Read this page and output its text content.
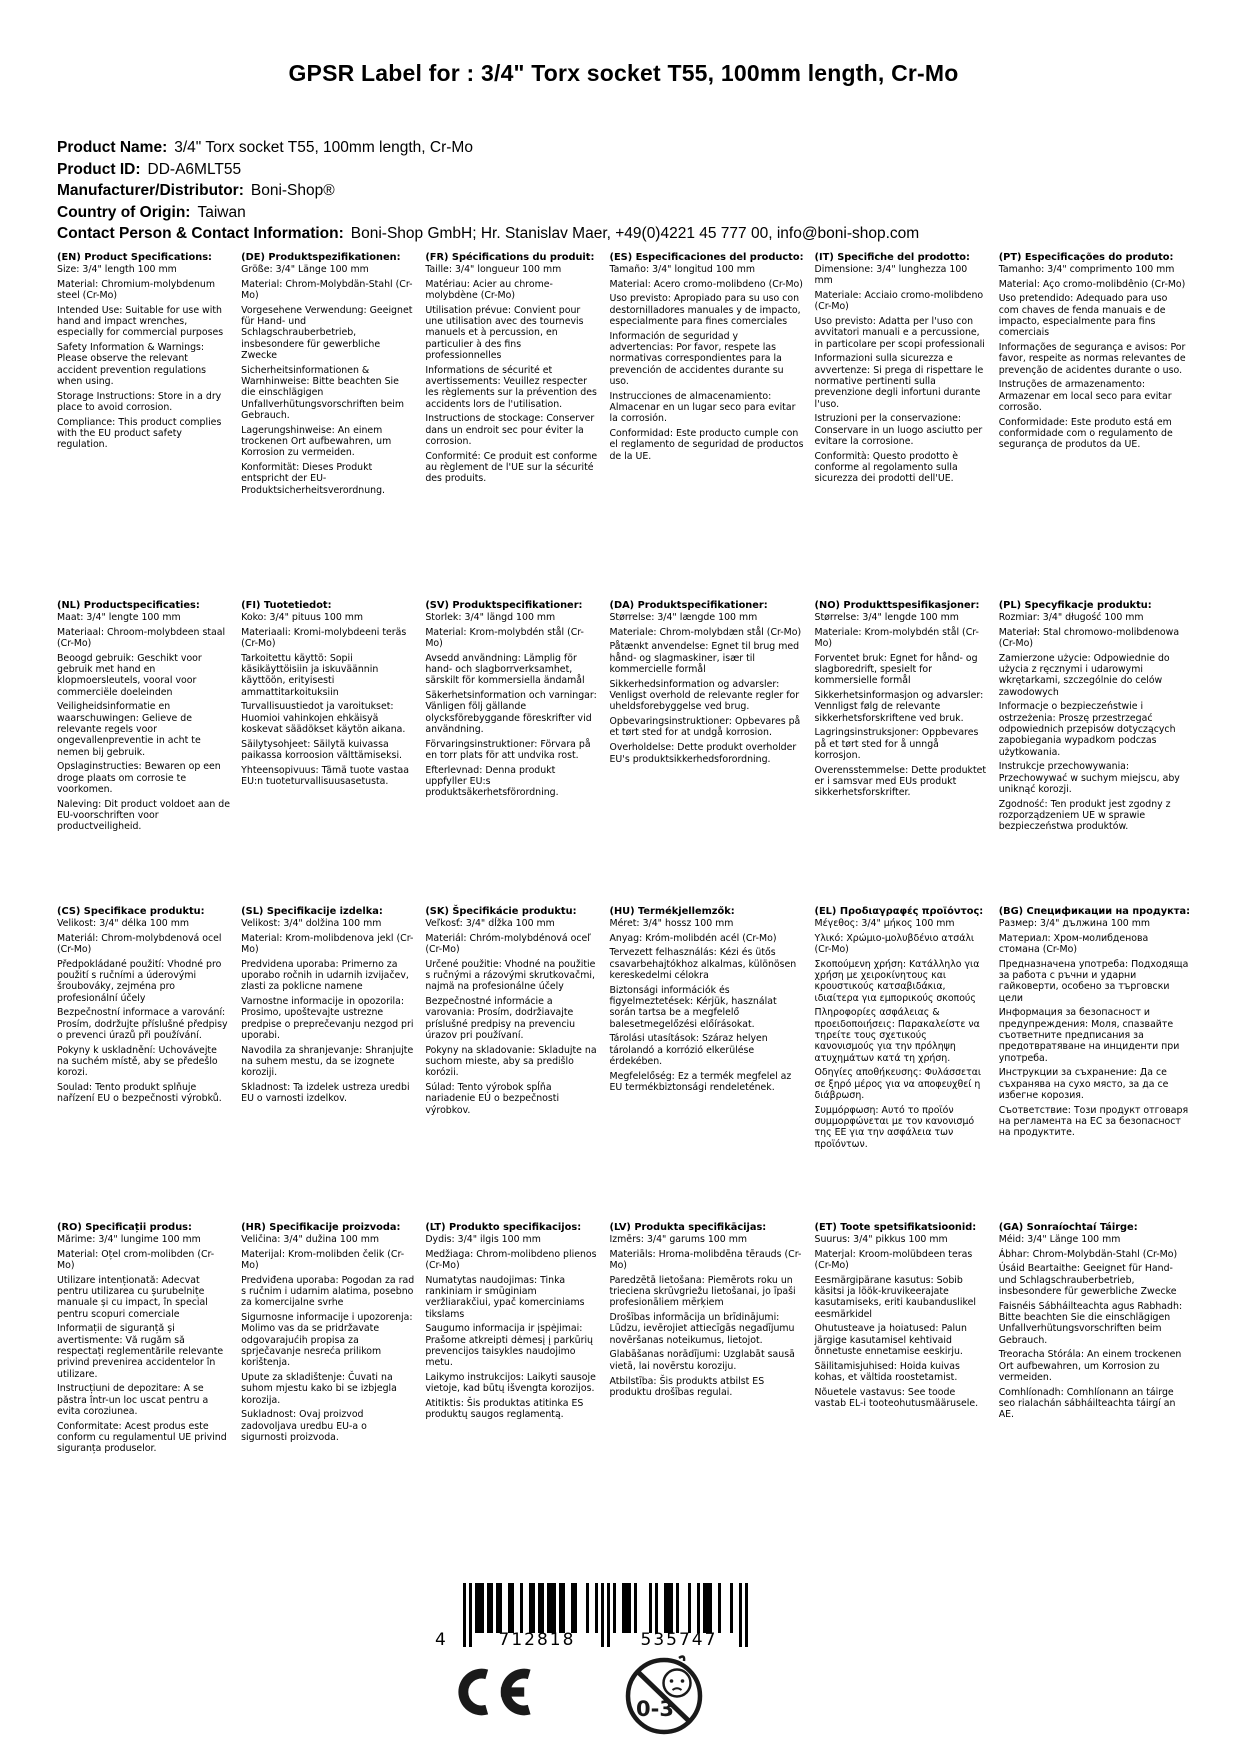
GPSR Label for : 3/4" Torx socket T55, 100mm length, Cr-Mo
Product Name: 3/4" Torx socket T55, 100mm length, Cr-Mo
Product ID: DD-A6MLT55
Manufacturer/Distributor: Boni-Shop®
Country of Origin: Taiwan
Contact Person & Contact Information: Boni-Shop GmbH; Hr. Stanislav Maer, +49(0)4221 45 777 00, info@boni-shop.com
(EN) Product Specifications:

Size: 3/4" length 100 mm

Material: Chromium-molybdenum steel (Cr-Mo)

Intended Use: Suitable for use with hand and impact wrenches, especially for commercial purposes

Safety Information & Warnings: Please observe the relevant accident prevention regulations when using.

Storage Instructions: Store in a dry place to avoid corrosion.

Compliance: This product complies with the EU product safety regulation.

(DE) Produktspezifikationen:

Größe: 3/4" Länge 100 mm

Material: Chrom-Molybdän-Stahl (Cr-Mo)

Vorgesehene Verwendung: Geeignet für Hand- und Schlagschrauberbetrieb, insbesondere für gewerbliche Zwecke

Sicherheitsinformationen & Warnhinweise: Bitte beachten Sie die einschlägigen Unfallverhütungsvorschriften beim Gebrauch.

Lagerungshinweise: An einem trockenen Ort aufbewahren, um Korrosion zu vermeiden.

Konformität: Dieses Produkt entspricht der EU-Produktsicherheitsverordnung.

(FR) Spécifications du produit:

Taille: 3/4" longueur 100 mm

Matériau: Acier au chrome-molybdène (Cr-Mo)

Utilisation prévue: Convient pour une utilisation avec des tournevis manuels et à percussion, en particulier à des fins professionnelles

Informations de sécurité et avertissements: Veuillez respecter les règlements sur la prévention des accidents lors de l'utilisation.

Instructions de stockage: Conserver dans un endroit sec pour éviter la corrosion.

Conformité: Ce produit est conforme au règlement de l'UE sur la sécurité des produits.

(ES) Especificaciones del producto:

Tamaño: 3/4" longitud 100 mm

Material: Acero cromo-molibdeno (Cr-Mo)

Uso previsto: Apropiado para su uso con destornilladores manuales y de impacto, especialmente para fines comerciales

Información de seguridad y advertencias: Por favor, respete las normativas correspondientes para la prevención de accidentes durante su uso.

Instrucciones de almacenamiento: Almacenar en un lugar seco para evitar la corrosión.

Conformidad: Este producto cumple con el reglamento de seguridad de productos de la UE.

(IT) Specifiche del prodotto:

Dimensione: 3/4" lunghezza 100 mm

Materiale: Acciaio cromo-molibdeno (Cr-Mo)

Uso previsto: Adatta per l'uso con avvitatori manuali e a percussione, in particolare per scopi professionali

Informazioni sulla sicurezza e avvertenze: Si prega di rispettare le normative pertinenti sulla prevenzione degli infortuni durante l'uso.

Istruzioni per la conservazione: Conservare in un luogo asciutto per evitare la corrosione.

Conformità: Questo prodotto è conforme al regolamento sulla sicurezza dei prodotti dell'UE.

(PT) Especificações do produto:

Tamanho: 3/4" comprimento 100 mm

Material: Aço cromo-molibdênio (Cr-Mo)

Uso pretendido: Adequado para uso com chaves de fenda manuais e de impacto, especialmente para fins comerciais

Informações de segurança e avisos: Por favor, respeite as normas relevantes de prevenção de acidentes durante o uso.

Instruções de armazenamento: Armazenar em local seco para evitar corrosão.

Conformidade: Este produto está em conformidade com o regulamento de segurança de produtos da UE.

(NL) Productspecificaties:

Maat: 3/4" lengte 100 mm

Materiaal: Chroom-molybdeen staal (Cr-Mo)

Beoogd gebruik: Geschikt voor gebruik met hand en klopmoersleutels, vooral voor commerciële doeleinden

Veiligheidsinformatie en waarschuwingen: Gelieve de relevante regels voor ongevallenpreventie in acht te nemen bij gebruik.

Opslaginstructies: Bewaren op een droge plaats om corrosie te voorkomen.

Naleving: Dit product voldoet aan de EU-voorschriften voor productveiligheid.

(FI) Tuotetiedot:

Koko: 3/4" pituus 100 mm

Materiaali: Kromi-molybdeeni teräs (Cr-Mo)

Tarkoitettu käyttö: Sopii käsikäyttöisiin ja iskuväännin käyttöön, erityisesti ammattitarkoituksiin

Turvallisuustiedot ja varoitukset: Huomioi vahinkojen ehkäisyä koskevat säädökset käytön aikana.

Säilytysohjeet: Säilytä kuivassa paikassa korroosion välttämiseksi.

Yhteensopivuus: Tämä tuote vastaa EU:n tuoteturvallisuusasetusta.

(SV) Produktspecifikationer:

Storlek: 3/4" längd 100 mm

Material: Krom-molybdén stål (Cr-Mo)

Avsedd användning: Lämplig för hand- och slagborrverksamhet, särskilt för kommersiella ändamål

Säkerhetsinformation och varningar: Vänligen följ gällande olycksförebyggande föreskrifter vid användning.

Förvaringsinstruktioner: Förvara på en torr plats för att undvika rost.

Efterlevnad: Denna produkt uppfyller EU:s produktsäkerhetsförordning.

(DA) Produktspecifikationer:

Størrelse: 3/4" længde 100 mm

Materiale: Chrom-molybdæn stål (Cr-Mo)

Påtænkt anvendelse: Egnet til brug med hånd- og slagmaskiner, især til kommercielle formål

Sikkerhedsinformation og advarsler: Venligst overhold de relevante regler for uheldsforebyggelse ved brug.

Opbevaringsinstruktioner: Opbevares på et tørt sted for at undgå korrosion.

Overholdelse: Dette produkt overholder EU's produktsikkerhedsforordning.

(NO) Produkttspesifikasjoner:

Størrelse: 3/4" lengde 100 mm

Materiale: Krom-molybdén stål (Cr-Mo)

Forventet bruk: Egnet for hånd- og slagboredrift, spesielt for kommersielle formål

Sikkerhetsinformasjon og advarsler: Vennligst følg de relevante sikkerhetsforskriftene ved bruk.

Lagringsinstruksjoner: Oppbevares på et tørt sted for å unngå korrosjon.

Overensstemmelse: Dette produktet er i samsvar med EUs produkt sikkerhetsforskrifter.

(PL) Specyfikacje produktu:

Rozmiar: 3/4" długość 100 mm

Materiał: Stal chromowo-molibdenowa (Cr-Mo)

Zamierzone użycie: Odpowiednie do użycia z ręcznymi i udarowymi wkrętarkami, szczególnie do celów zawodowych

Informacje o bezpieczeństwie i ostrzeżenia: Proszę przestrzegać odpowiednich przepisów dotyczących zapobiegania wypadkom podczas użytkowania.

Instrukcje przechowywania: Przechowywać w suchym miejscu, aby uniknąć korozji.

Zgodność: Ten produkt jest zgodny z rozporządzeniem UE w sprawie bezpieczeństwa produktów.

(CS) Specifikace produktu:

Velikost: 3/4" délka 100 mm

Materiál: Chrom-molybdenová ocel (Cr-Mo)

Předpokládané použití: Vhodné pro použití s ručními a úderovými šroubováky, zejména pro profesionální účely

Bezpečnostní informace a varování: Prosím, dodržujte příslušné předpisy o prevenci úrazů při používání.

Pokyny k uskladnění: Uchovávejte na suchém místě, aby se předešlo korozi.

Soulad: Tento produkt splňuje nařízení EU o bezpečnosti výrobků.

(SL) Specifikacije izdelka:

Velikost: 3/4" dolžina 100 mm

Material: Krom-molibdenova jekl (Cr-Mo)

Predvidena uporaba: Primerno za uporabo ročnih in udarnih izvijačev, zlasti za poklicne namene

Varnostne informacije in opozorila: Prosimo, upoštevajte ustrezne predpise o preprečevanju nezgod pri uporabi.

Navodila za shranjevanje: Shranjujte na suhem mestu, da se izognete koroziji.

Skladnost: Ta izdelek ustreza uredbi EU o varnosti izdelkov.

(SK) Špecifikácie produktu:

Veľkosť: 3/4" dĺžka 100 mm

Materiál: Chróm-molybdénová oceľ (Cr-Mo)

Určené použitie: Vhodné na použitie s ručnými a rázovými skrutkovačmi, najmä na profesionálne účely

Bezpečnostné informácie a varovania: Prosím, dodržiavajte príslušné predpisy na prevenciu úrazov pri používaní.

Pokyny na skladovanie: Skladujte na suchom mieste, aby sa predišlo korózii.

Súlad: Tento výrobok spĺňa nariadenie EÚ o bezpečnosti výrobkov.

(HU) Termékjellemzők:

Méret: 3/4" hossz 100 mm

Anyag: Króm-molibdén acél (Cr-Mo)

Tervezett felhasználás: Kézi és ütős csavarbehajtókhoz alkalmas, különösen kereskedelmi célokra

Biztonsági információk és figyelmeztetések: Kérjük, használat során tartsa be a megfelelő balesetmegelőzési előírásokat.

Tárolási utasítások: Száraz helyen tárolandó a korrózió elkerülése érdekében.

Megfelelőség: Ez a termék megfelel az EU termékbiztonsági rendeletének.

(EL) Προδιαγραφές προϊόντος:

Μέγεθος: 3/4" μήκος 100 mm

Υλικό: Χρώμιο-μολυβδένιο ατσάλι (Cr-Mo)

Σκοπούμενη χρήση: Κατάλληλο για χρήση με χειροκίνητους και κρουστικούς κατσαβιδάκια, ιδιαίτερα για εμπορικούς σκοπούς

Πληροφορίες ασφάλειας & προειδοποιήσεις: Παρακαλείστε να τηρείτε τους σχετικούς κανονισμούς για την πρόληψη ατυχημάτων κατά τη χρήση.

Οδηγίες αποθήκευσης: Φυλάσσεται σε ξηρό μέρος για να αποφευχθεί η διάβρωση.

Συμμόρφωση: Αυτό το προϊόν συμμορφώνεται με τον κανονισμό της ΕΕ για την ασφάλεια των προϊόντων.

(BG) Спецификации на продукта:

Размер: 3/4" дължина 100 mm

Материал: Хром-молибденова стомана (Cr-Mo)

Предназначена употреба: Подходяща за работа с ръчни и ударни гайковерти, особено за търговски цели

Информация за безопасност и предупреждения: Моля, спазвайте съответните предписания за предотвратяване на инциденти при употреба.

Инструкции за съхранение: Да се съхранява на сухо място, за да се избегне корозия.

Съответствие: Този продукт отговаря на регламента на ЕС за безопасност на продуктите.

(RO) Specificații produs:

Mărime: 3/4" lungime 100 mm

Material: Oțel crom-molibden (Cr-Mo)

Utilizare intenționată: Adecvat pentru utilizarea cu șurubelnițe manuale și cu impact, în special pentru scopuri comerciale

Informații de siguranță și avertismente: Vă rugăm să respectați reglementările relevante privind prevenirea accidentelor în utilizare.

Instrucțiuni de depozitare: A se păstra într-un loc uscat pentru a evita coroziunea.

Conformitate: Acest produs este conform cu regulamentul UE privind siguranța produselor.

(HR) Specifikacije proizvoda:

Veličina: 3/4" dužina 100 mm

Materijal: Krom-molibden čelik (Cr-Mo)

Predviđena uporaba: Pogodan za rad s ručnim i udarnim alatima, posebno za komercijalne svrhe

Sigurnosne informacije i upozorenja: Molimo vas da se pridržavate odgovarajućih propisa za sprječavanje nesreća prilikom korištenja.

Upute za skladištenje: Čuvati na suhom mjestu kako bi se izbjegla korozija.

Sukladnost: Ovaj proizvod zadovoljava uredbu EU-a o sigurnosti proizvoda.

(LT) Produkto specifikacijos:

Dydis: 3/4" ilgis 100 mm

Medžiaga: Chrom-molibdeno plienos (Cr-Mo)

Numatytas naudojimas: Tinka rankiniam ir smūginiam veržliarakčiui, ypač komerciniams tikslams

Saugumo informacija ir įspėjimai: Prašome atkreipti dėmesį į parkūrių prevencijos taisykles naudojimo metu.

Laikymo instrukcijos: Laikyti sausoje vietoje, kad būtų išvengta korozijos.

Atitiktis: Šis produktas atitinka ES produktų saugos reglamentą.

(LV) Produkta specifikācijas:

Izmērs: 3/4" garums 100 mm

Materiāls: Hroma-molibdēna tērauds (Cr-Mo)

Paredzētā lietošana: Piemērots roku un trieciena skrūvgriežu lietošanai, jo īpaši profesionāliem mērķiem

Drošības informācija un brīdinājumi: Lūdzu, ievērojiet attiecīgās negadījumu novēršanas noteikumus, lietojot.

Glabāšanas norādījumi: Uzglabāt sausā vietā, lai novērstu koroziju.

Atbilstība: Šis produkts atbilst ES produktu drošības regulai.

(ET) Toote spetsifikatsioonid:

Suurus: 3/4" pikkus 100 mm

Materjal: Kroom-molübdeen teras (Cr-Mo)

Eesmärgipärane kasutus: Sobib käsitsi ja löök-kruvikeerajate kasutamiseks, eriti kaubanduslikel eesmärkidel

Ohutusteave ja hoiatused: Palun järgige kasutamisel kehtivaid õnnetuste ennetamise eeskirju.

Säilitamisjuhised: Hoida kuivas kohas, et vältida roostetamist.

Nõuetele vastavus: See toode vastab EL-i tooteohutusmäärusele.

(GA) Sonraíochtaí Táirge:

Méid: 3/4" Länge 100 mm

Ábhar: Chrom-Molybdän-Stahl (Cr-Mo)

Úsáid Beartaithe: Geeignet für Hand- und Schlagschrauberbetrieb, insbesondere für gewerbliche Zwecke

Faisnéis Sábháilteachta agus Rabhadh: Bitte beachten Sie die einschlägigen Unfallverhütungsvorschriften beim Gebrauch.

Treoracha Stórála: An einem trockenen Ort aufbewahren, um Korrosion zu vermeiden.

Comhlíonadh: Comhlíonann an táirge seo rialachán sábháilteachta táirgí an AE.

4	712818	535747
0-3
